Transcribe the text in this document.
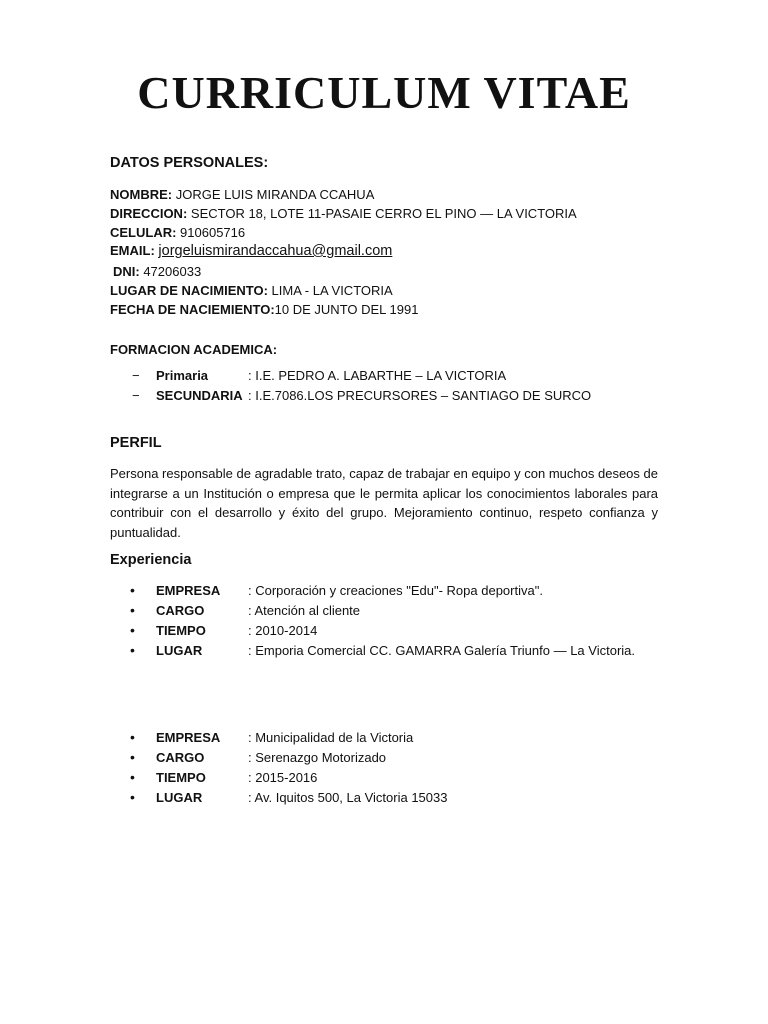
CURRICULUM VITAE
DATOS PERSONALES:
NOMBRE: JORGE LUIS MIRANDA CCAHUA
DIRECCION: SECTOR 18, LOTE 11-PASAIE CERRO EL PINO — LA VICTORIA
CELULAR: 910605716
EMAIL: jorgeluismirandaccahua@gmail.com
DNI: 47206033
LUGAR DE NACIMIENTO: LIMA - LA VICTORIA
FECHA DE NACIEMIENTO:10 DE JUNTO DEL 1991
FORMACION ACADEMICA:
− Primaria	: I.E. PEDRO A. LABARTHE – LA VICTORIA
− SECUNDARIA : I.E.7086.LOS PRECURSORES – SANTIAGO DE SURCO
PERFIL
Persona responsable de agradable trato, capaz de trabajar en equipo y con muchos deseos de integrarse a un Institución o empresa que le permita aplicar los conocimientos laborales para contribuir con el desarrollo y éxito del grupo. Mejoramiento continuo, respeto confianza y puntualidad.
Experiencia
• EMPRESA : Corporación y creaciones "Edu"- Ropa deportiva".
• CARGO	: Atención al cliente
• TIEMPO	: 2010-2014
• LUGAR	: Emporia Comercial CC. GAMARRA Galería Triunfo — La Victoria.
• EMPRESA : Municipalidad de la Victoria
• CARGO	: Serenazgo Motorizado
• TIEMPO	: 2015-2016
• LUGAR	: Av. Iquitos 500, La Victoria 15033
